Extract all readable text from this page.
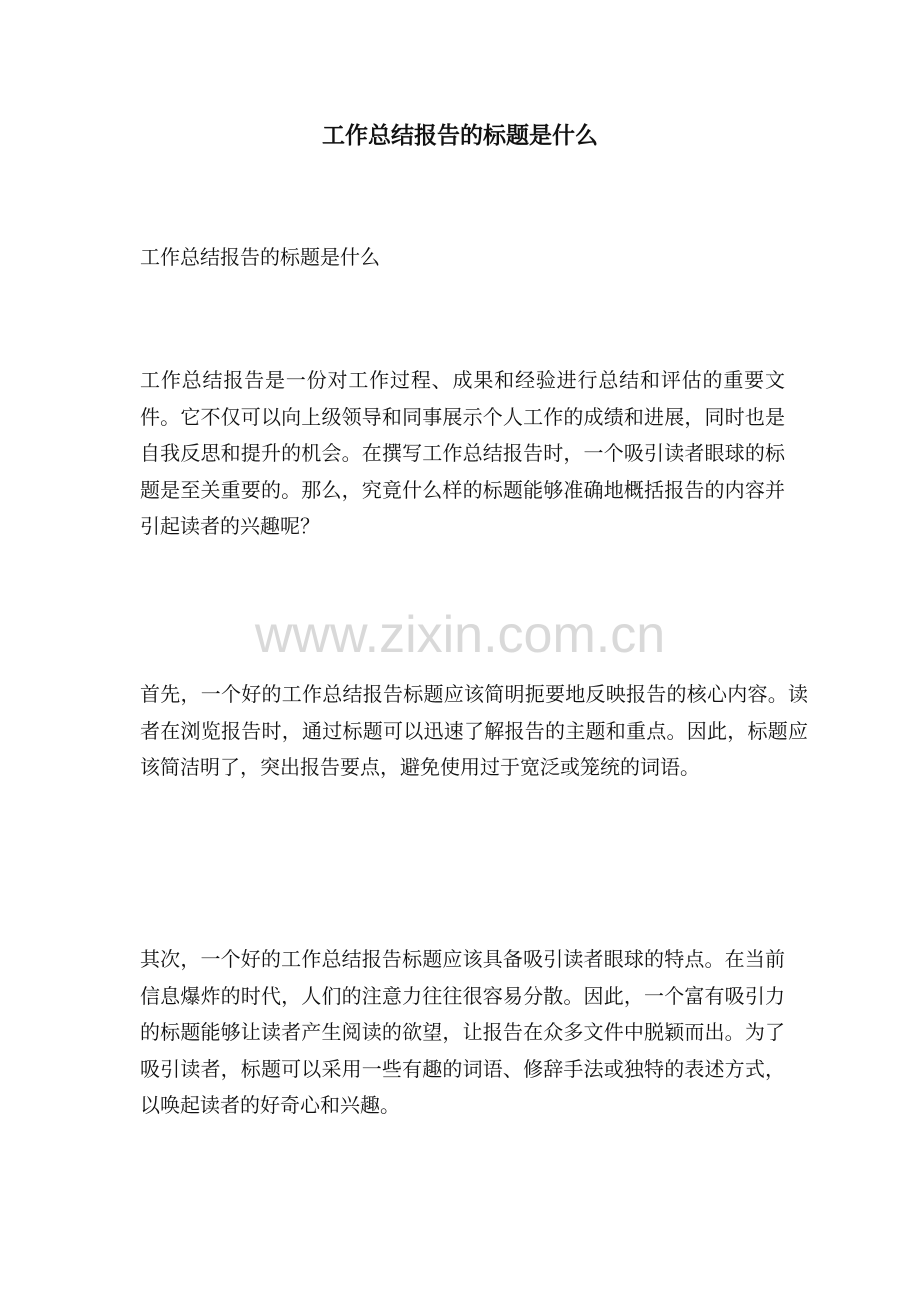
工作总结报告的标题是什么

工作总结报告的标题是什么

工作总结报告是一份对工作过程、成果和经验进行总结和评估的重要文件。它不仅可以向上级领导和同事展示个人工作的成绩和进展，同时也是自我反思和提升的机会。在撰写工作总结报告时，一个吸引读者眼球的标题是至关重要的。那么，究竟什么样的标题能够准确地概括报告的内容并引起读者的兴趣呢？

www.zixin.com.cn

首先，一个好的工作总结报告标题应该简明扼要地反映报告的核心内容。读者在浏览报告时，通过标题可以迅速了解报告的主题和重点。因此，标题应该简洁明了，突出报告要点，避免使用过于宽泛或笼统的词语。

其次，一个好的工作总结报告标题应该具备吸引读者眼球的特点。在当前信息爆炸的时代，人们的注意力往往很容易分散。因此，一个富有吸引力的标题能够让读者产生阅读的欲望，让报告在众多文件中脱颖而出。为了吸引读者，标题可以采用一些有趣的词语、修辞手法或独特的表述方式，以唤起读者的好奇心和兴趣。
